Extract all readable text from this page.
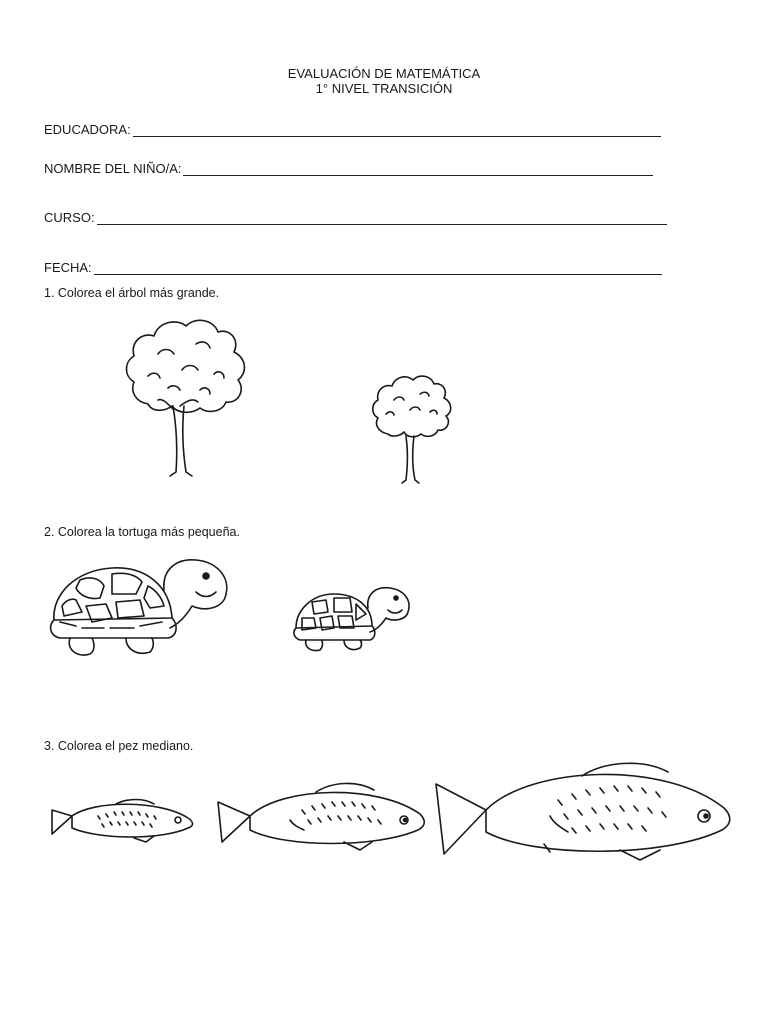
EVALUACIÓN DE MATEMÁTICA
1° NIVEL TRANSICIÓN
EDUCADORA:
NOMBRE DEL NIÑO/A:
CURSO:
FECHA:
1. Colorea el árbol más grande.
2. Colorea la tortuga más pequeña.
3. Colorea el pez mediano.
